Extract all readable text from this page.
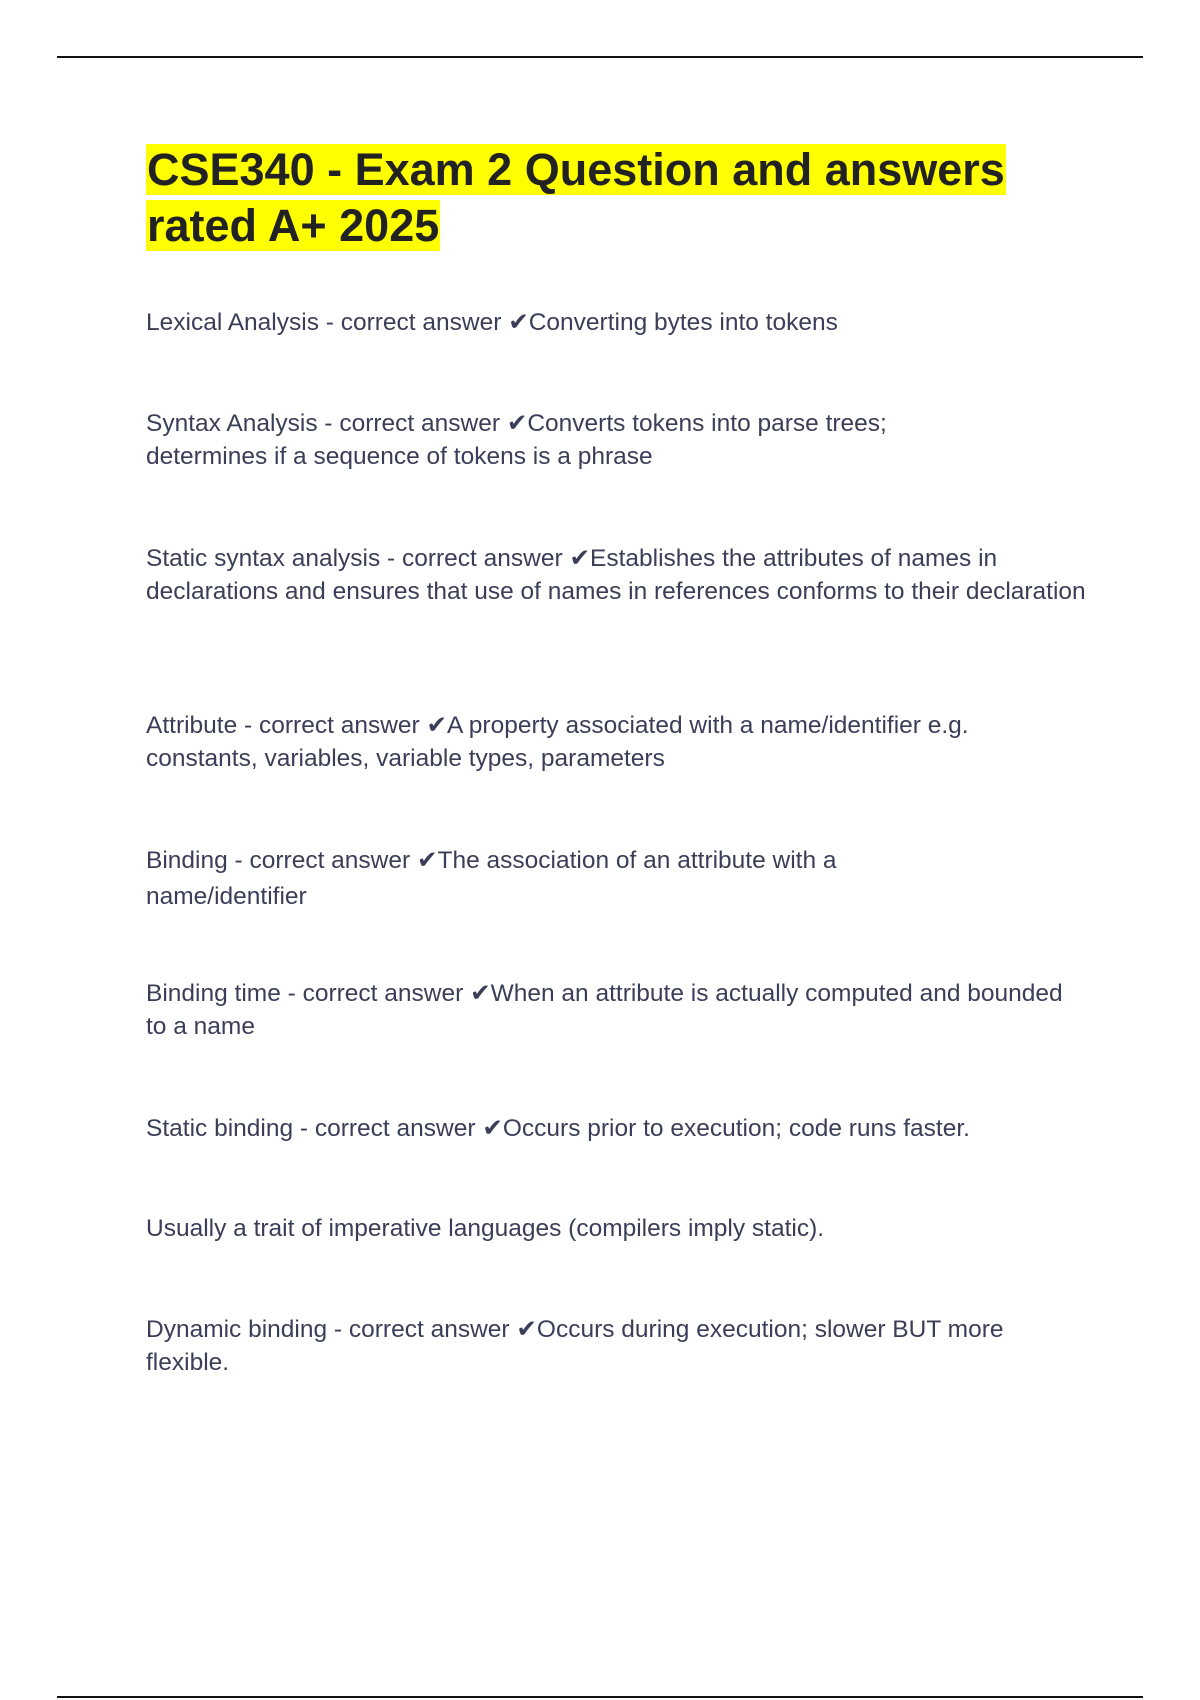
CSE340 - Exam 2 Question and answers rated A+ 2025

Lexical Analysis - correct answer ✔Converting bytes into tokens

Syntax Analysis - correct answer ✔Converts tokens into parse trees; determines if a sequence of tokens is a phrase

Static syntax analysis - correct answer ✔Establishes the attributes of names in declarations and ensures that use of names in references conforms to their declaration

Attribute - correct answer ✔A property associated with a name/identifier e.g. constants, variables, variable types, parameters

Binding - correct answer ✔The association of an attribute with a name/identifier

Binding time - correct answer ✔When an attribute is actually computed and bounded to a name

Static binding - correct answer ✔Occurs prior to execution; code runs faster.

Usually a trait of imperative languages (compilers imply static).

Dynamic binding - correct answer ✔Occurs during execution; slower BUT more flexible.
